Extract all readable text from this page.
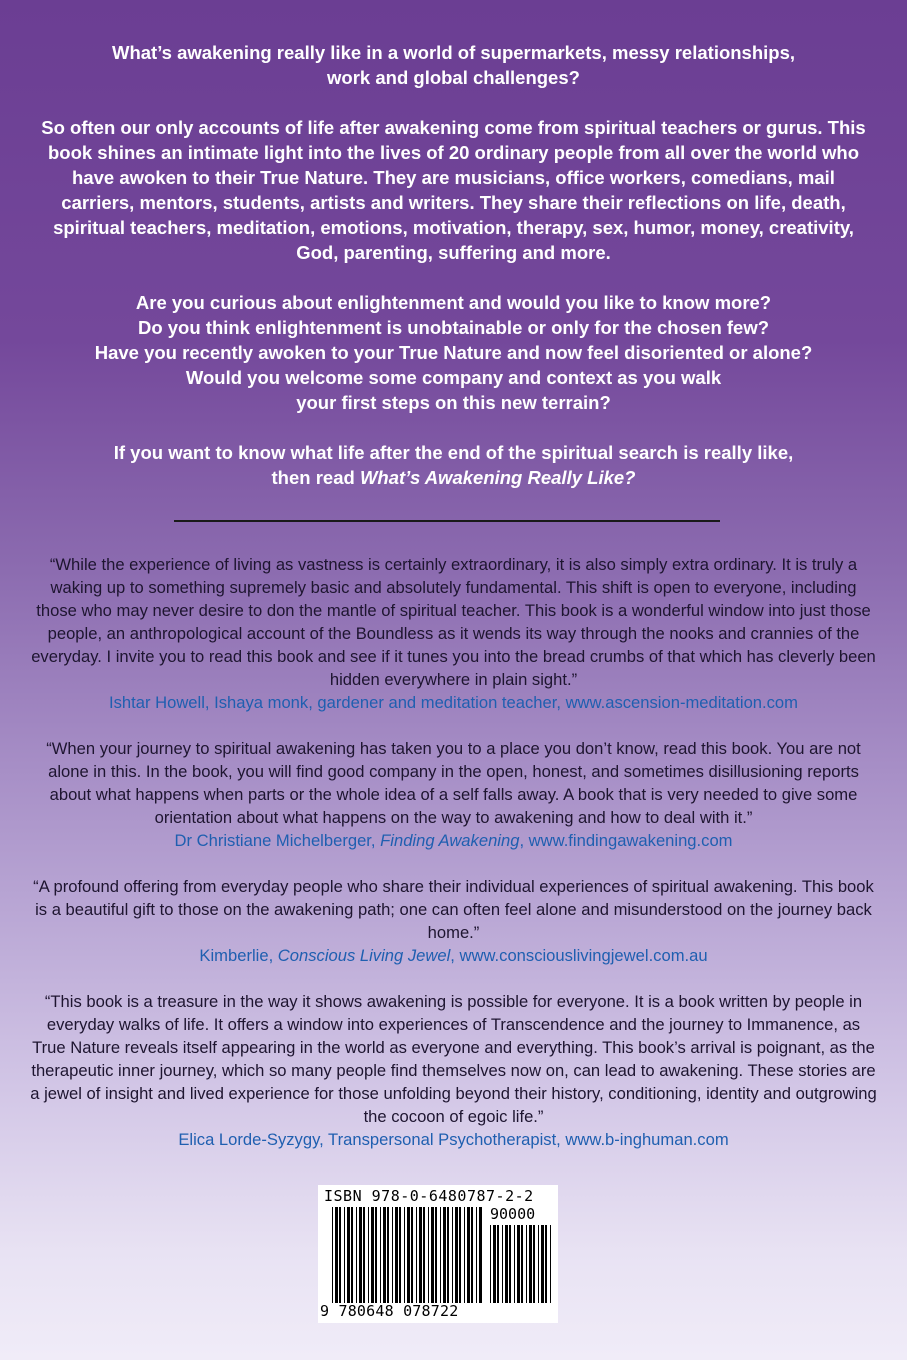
What’s awakening really like in a world of supermarkets, messy relationships, work and global challenges?

So often our only accounts of life after awakening come from spiritual teachers or gurus. This book shines an intimate light into the lives of 20 ordinary people from all over the world who have awoken to their True Nature. They are musicians, office workers, comedians, mail carriers, mentors, students, artists and writers. They share their reflections on life, death, spiritual teachers, meditation, emotions, motivation, therapy, sex, humor, money, creativity, God, parenting, suffering and more.

Are you curious about enlightenment and would you like to know more?
Do you think enlightenment is unobtainable or only for the chosen few?
Have you recently awoken to your True Nature and now feel disoriented or alone?
Would you welcome some company and context as you walk
your first steps on this new terrain?

If you want to know what life after the end of the spiritual search is really like,
then read What’s Awakening Really Like?

“While the experience of living as vastness is certainly extraordinary, it is also simply extra ordinary. It is truly a waking up to something supremely basic and absolutely fundamental. This shift is open to everyone, including those who may never desire to don the mantle of spiritual teacher. This book is a wonderful window into just those people, an anthropological account of the Boundless as it wends its way through the nooks and crannies of the everyday. I invite you to read this book and see if it tunes you into the bread crumbs of that which has cleverly been hidden everywhere in plain sight.”
Ishtar Howell, Ishaya monk, gardener and meditation teacher, www.ascension-meditation.com
“When your journey to spiritual awakening has taken you to a place you don’t know, read this book. You are not alone in this. In the book, you will find good company in the open, honest, and sometimes disillusioning reports about what happens when parts or the whole idea of a self falls away. A book that is very needed to give some orientation about what happens on the way to awakening and how to deal with it.”
Dr Christiane Michelberger, Finding Awakening, www.findingawakening.com
“A profound offering from everyday people who share their individual experiences of spiritual awakening. This book is a beautiful gift to those on the awakening path; one can often feel alone and misunderstood on the journey back home.”
Kimberlie, Conscious Living Jewel, www.consciouslivingjewel.com.au
“This book is a treasure in the way it shows awakening is possible for everyone. It is a book written by people in everyday walks of life. It offers a window into experiences of Transcendence and the journey to Immanence, as True Nature reveals itself appearing in the world as everyone and everything. This book’s arrival is poignant, as the therapeutic inner journey, which so many people find themselves now on, can lead to awakening. These stories are a jewel of insight and lived experience for those unfolding beyond their history, conditioning, identity and outgrowing the cocoon of egoic life.”
Elica Lorde-Syzygy, Transpersonal Psychotherapist, www.b-inghuman.com
ISBN 978-0-6480787-2-2
90000
9 780648 078722
